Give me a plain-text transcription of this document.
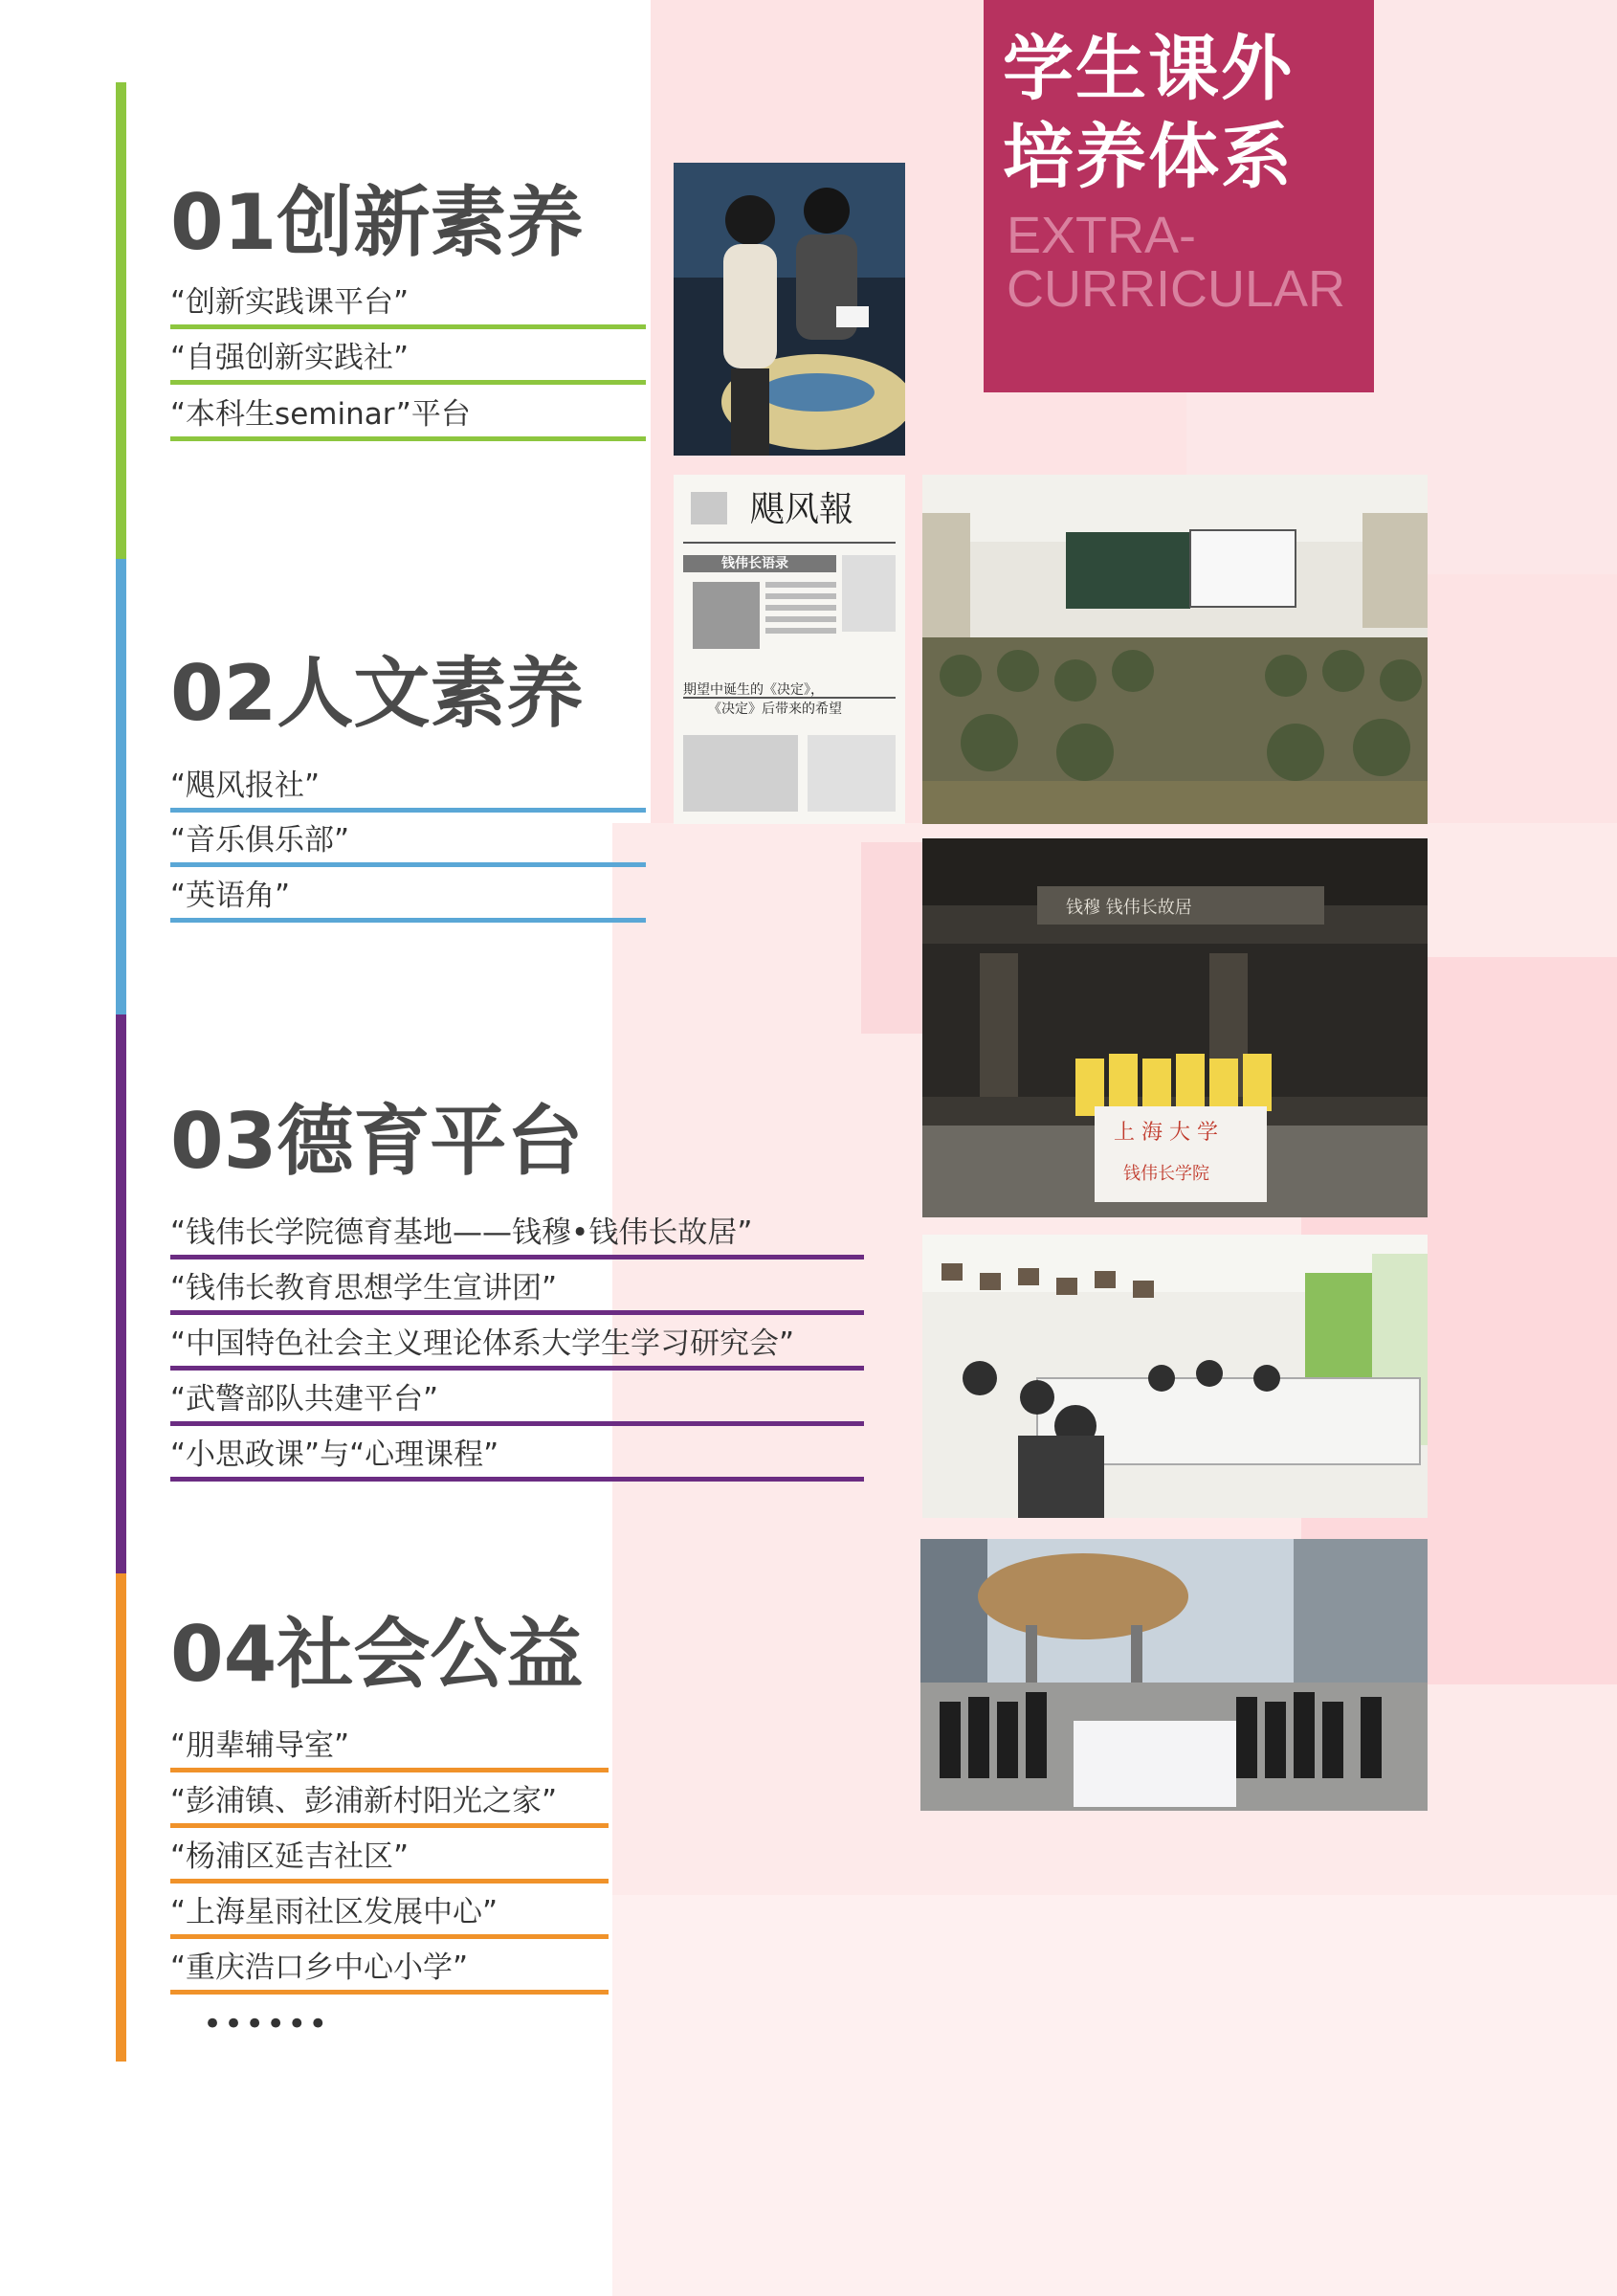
学生课外
培养体系
EXTRA-
CURRICULAR
01创新素养
“创新实践课平台”
“自强创新实践社”
“本科生seminar”平台
02人文素养
“飓风报社”
“音乐俱乐部”
“英语角”
03德育平台
“钱伟长学院德育基地——钱穆•钱伟长故居”
“钱伟长教育思想学生宣讲团”
“中国特色社会主义理论体系大学生学习研究会”
“武警部队共建平台”
“小思政课”与“心理课程”
04社会公益
“朋辈辅导室”
“彭浦镇、彭浦新村阳光之家”
“杨浦区延吉社区”
“上海星雨社区发展中心”
“重庆浩口乡中心小学”
••••••
飓风報
钱伟长语录
期望中诞生的《决定》，
《决定》后带来的希望
上 海 大 学
钱伟长学院
钱穆 钱伟长故居
